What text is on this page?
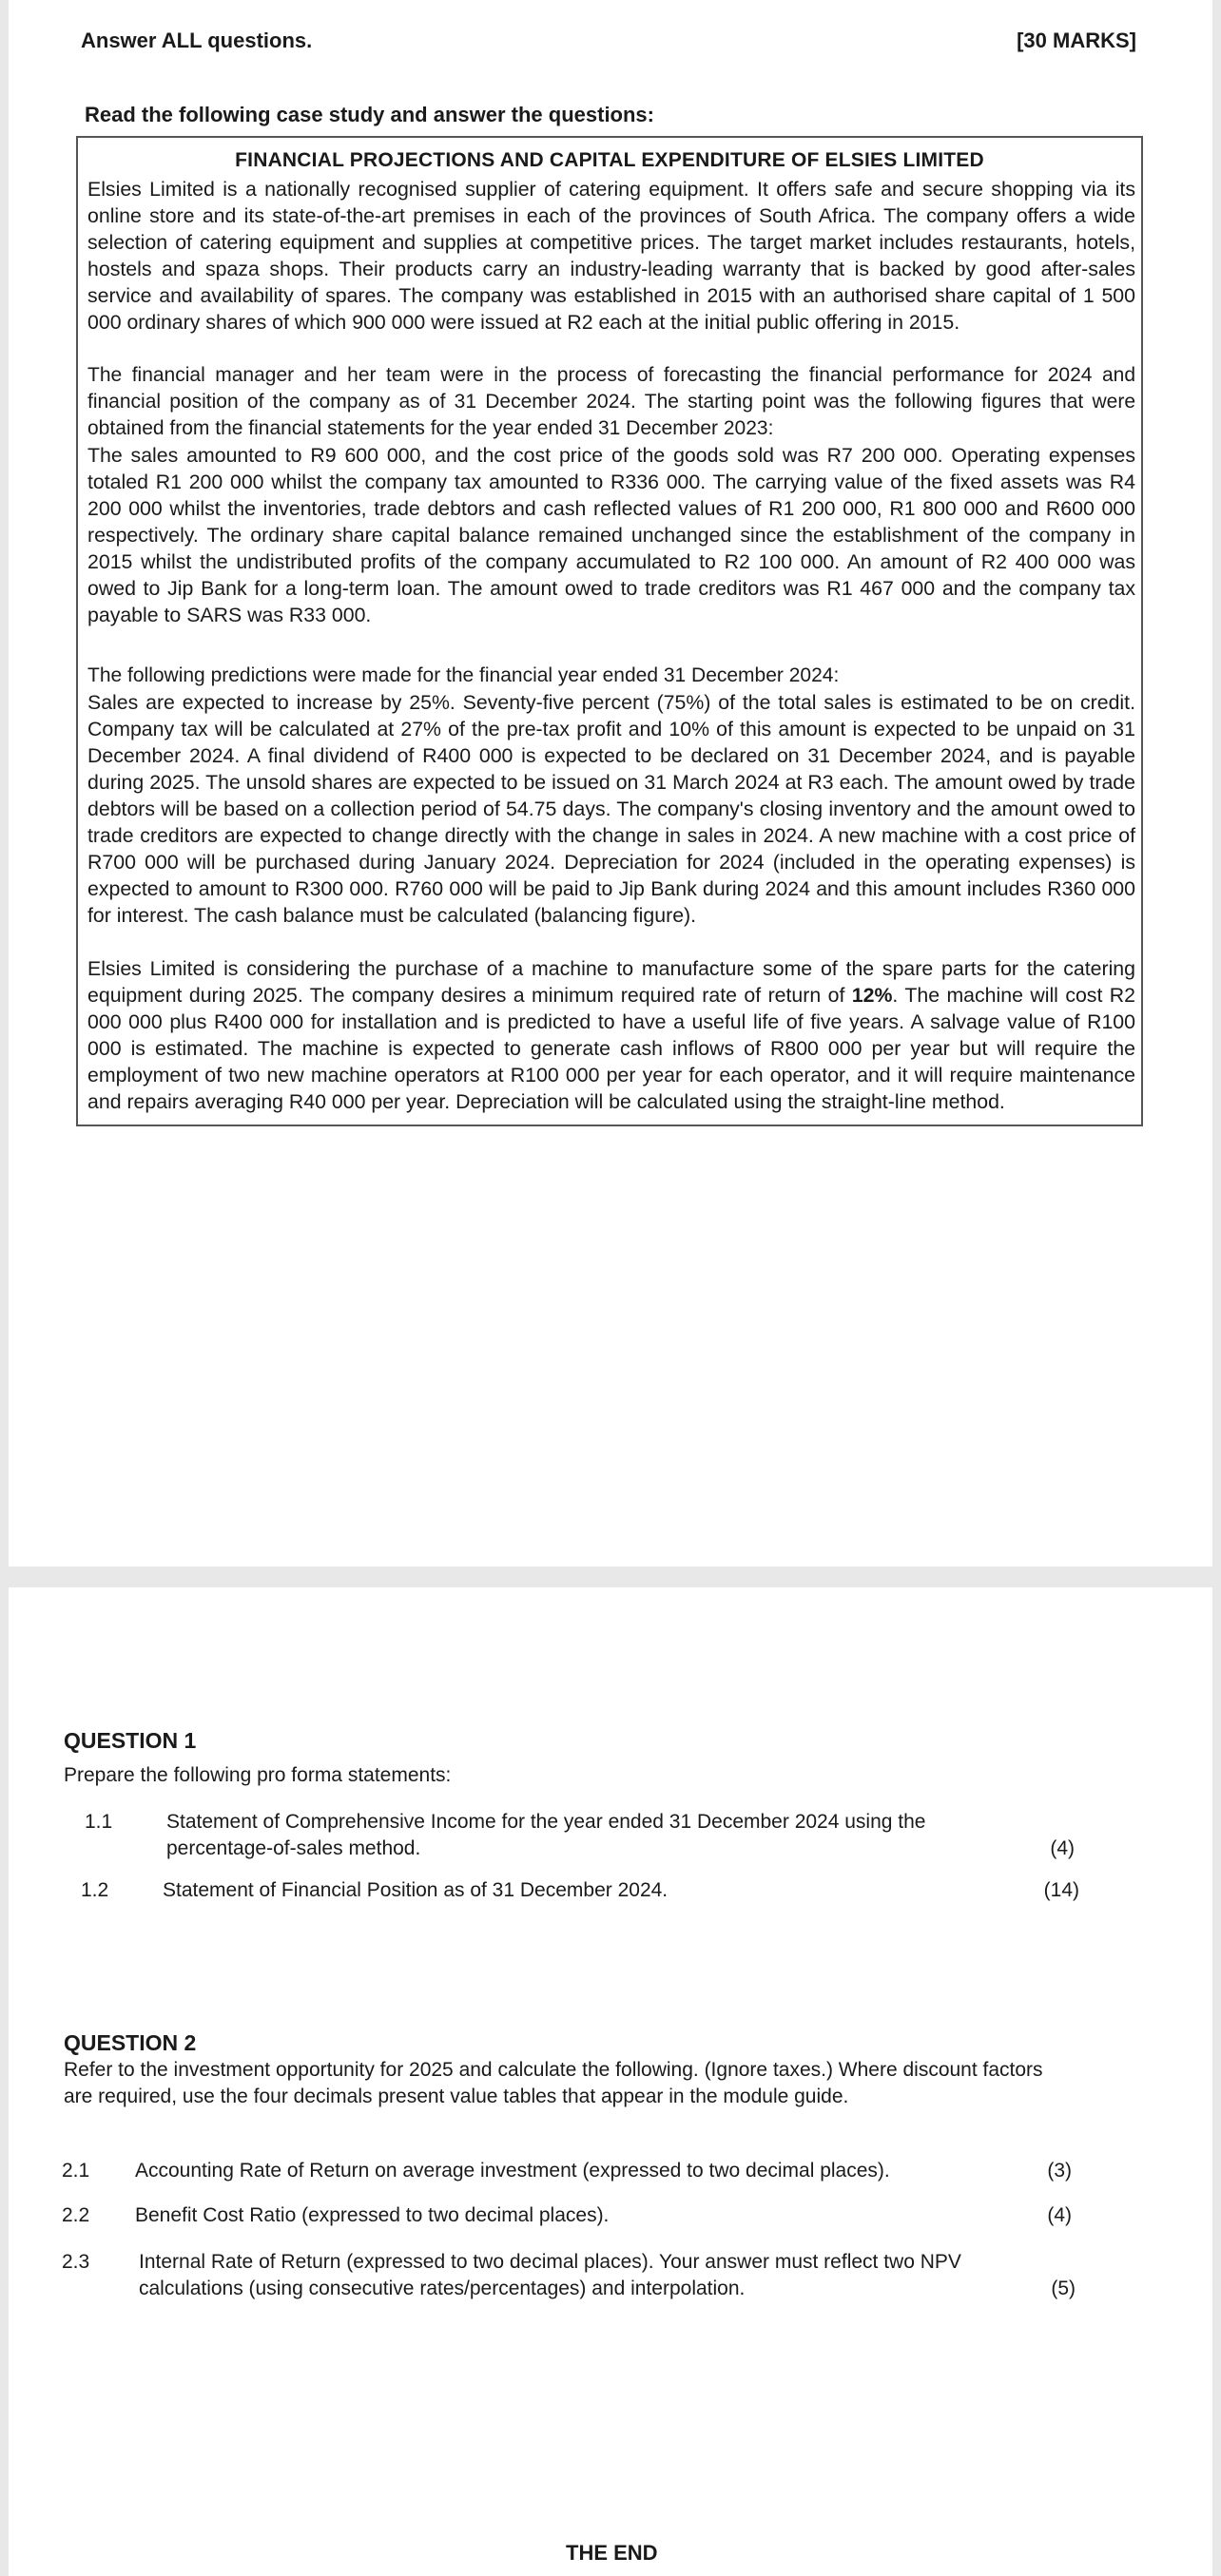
Answer ALL questions.	[30 MARKS]
Read the following case study and answer the questions:
FINANCIAL PROJECTIONS AND CAPITAL EXPENDITURE OF ELSIES LIMITED
Elsies Limited is a nationally recognised supplier of catering equipment. It offers safe and secure shopping via its online store and its state-of-the-art premises in each of the provinces of South Africa. The company offers a wide selection of catering equipment and supplies at competitive prices. The target market includes restaurants, hotels, hostels and spaza shops. Their products carry an industry-leading warranty that is backed by good after-sales service and availability of spares. The company was established in 2015 with an authorised share capital of 1 500 000 ordinary shares of which 900 000 were issued at R2 each at the initial public offering in 2015.
The financial manager and her team were in the process of forecasting the financial performance for 2024 and financial position of the company as of 31 December 2024. The starting point was the following figures that were obtained from the financial statements for the year ended 31 December 2023:
The sales amounted to R9 600 000, and the cost price of the goods sold was R7 200 000. Operating expenses totaled R1 200 000 whilst the company tax amounted to R336 000. The carrying value of the fixed assets was R4 200 000 whilst the inventories, trade debtors and cash reflected values of R1 200 000, R1 800 000 and R600 000 respectively. The ordinary share capital balance remained unchanged since the establishment of the company in 2015 whilst the undistributed profits of the company accumulated to R2 100 000. An amount of R2 400 000 was owed to Jip Bank for a long-term loan. The amount owed to trade creditors was R1 467 000 and the company tax payable to SARS was R33 000.
The following predictions were made for the financial year ended 31 December 2024:
Sales are expected to increase by 25%. Seventy-five percent (75%) of the total sales is estimated to be on credit. Company tax will be calculated at 27% of the pre-tax profit and 10% of this amount is expected to be unpaid on 31 December 2024. A final dividend of R400 000 is expected to be declared on 31 December 2024, and is payable during 2025. The unsold shares are expected to be issued on 31 March 2024 at R3 each. The amount owed by trade debtors will be based on a collection period of 54.75 days. The company's closing inventory and the amount owed to trade creditors are expected to change directly with the change in sales in 2024. A new machine with a cost price of R700 000 will be purchased during January 2024. Depreciation for 2024 (included in the operating expenses) is expected to amount to R300 000. R760 000 will be paid to Jip Bank during 2024 and this amount includes R360 000 for interest. The cash balance must be calculated (balancing figure).
Elsies Limited is considering the purchase of a machine to manufacture some of the spare parts for the catering equipment during 2025. The company desires a minimum required rate of return of 12%. The machine will cost R2 000 000 plus R400 000 for installation and is predicted to have a useful life of five years. A salvage value of R100 000 is estimated. The machine is expected to generate cash inflows of R800 000 per year but will require the employment of two new machine operators at R100 000 per year for each operator, and it will require maintenance and repairs averaging R40 000 per year. Depreciation will be calculated using the straight-line method.
QUESTION 1
Prepare the following pro forma statements:
1.1	Statement of Comprehensive Income for the year ended 31 December 2024 using the
percentage-of-sales method.	(4)
1.2	Statement of Financial Position as of 31 December 2024.	(14)
QUESTION 2
Refer to the investment opportunity for 2025 and calculate the following. (Ignore taxes.) Where discount factors
are required, use the four decimals present value tables that appear in the module guide.
2.1 Accounting Rate of Return on average investment (expressed to two decimal places).	(3)
2.2 Benefit Cost Ratio (expressed to two decimal places).	(4)
2.3 Internal Rate of Return (expressed to two decimal places). Your answer must reflect two NPV
calculations (using consecutive rates/percentages) and interpolation.	(5)
THE END
